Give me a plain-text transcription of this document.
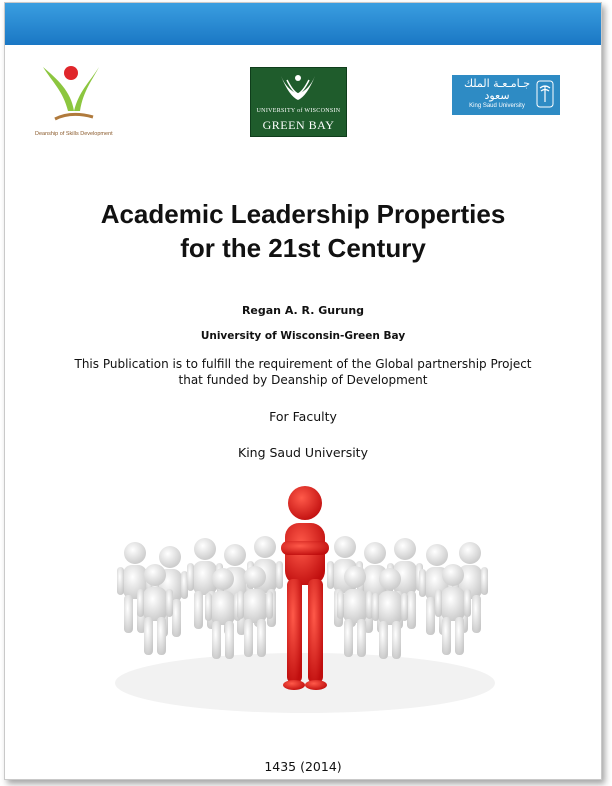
Deanship of Skills Development
UNIVERSITY of WISCONSIN
GREEN BAY
جـامـعـة الملك سعود
King Saud University
Academic Leadership Properties
for the 21st Century
Regan A. R. Gurung
University of Wisconsin-Green Bay
This Publication is to fulfill the requirement of the Global partnership Project
that funded by Deanship of Development
For Faculty
King Saud University
1435 (2014)
